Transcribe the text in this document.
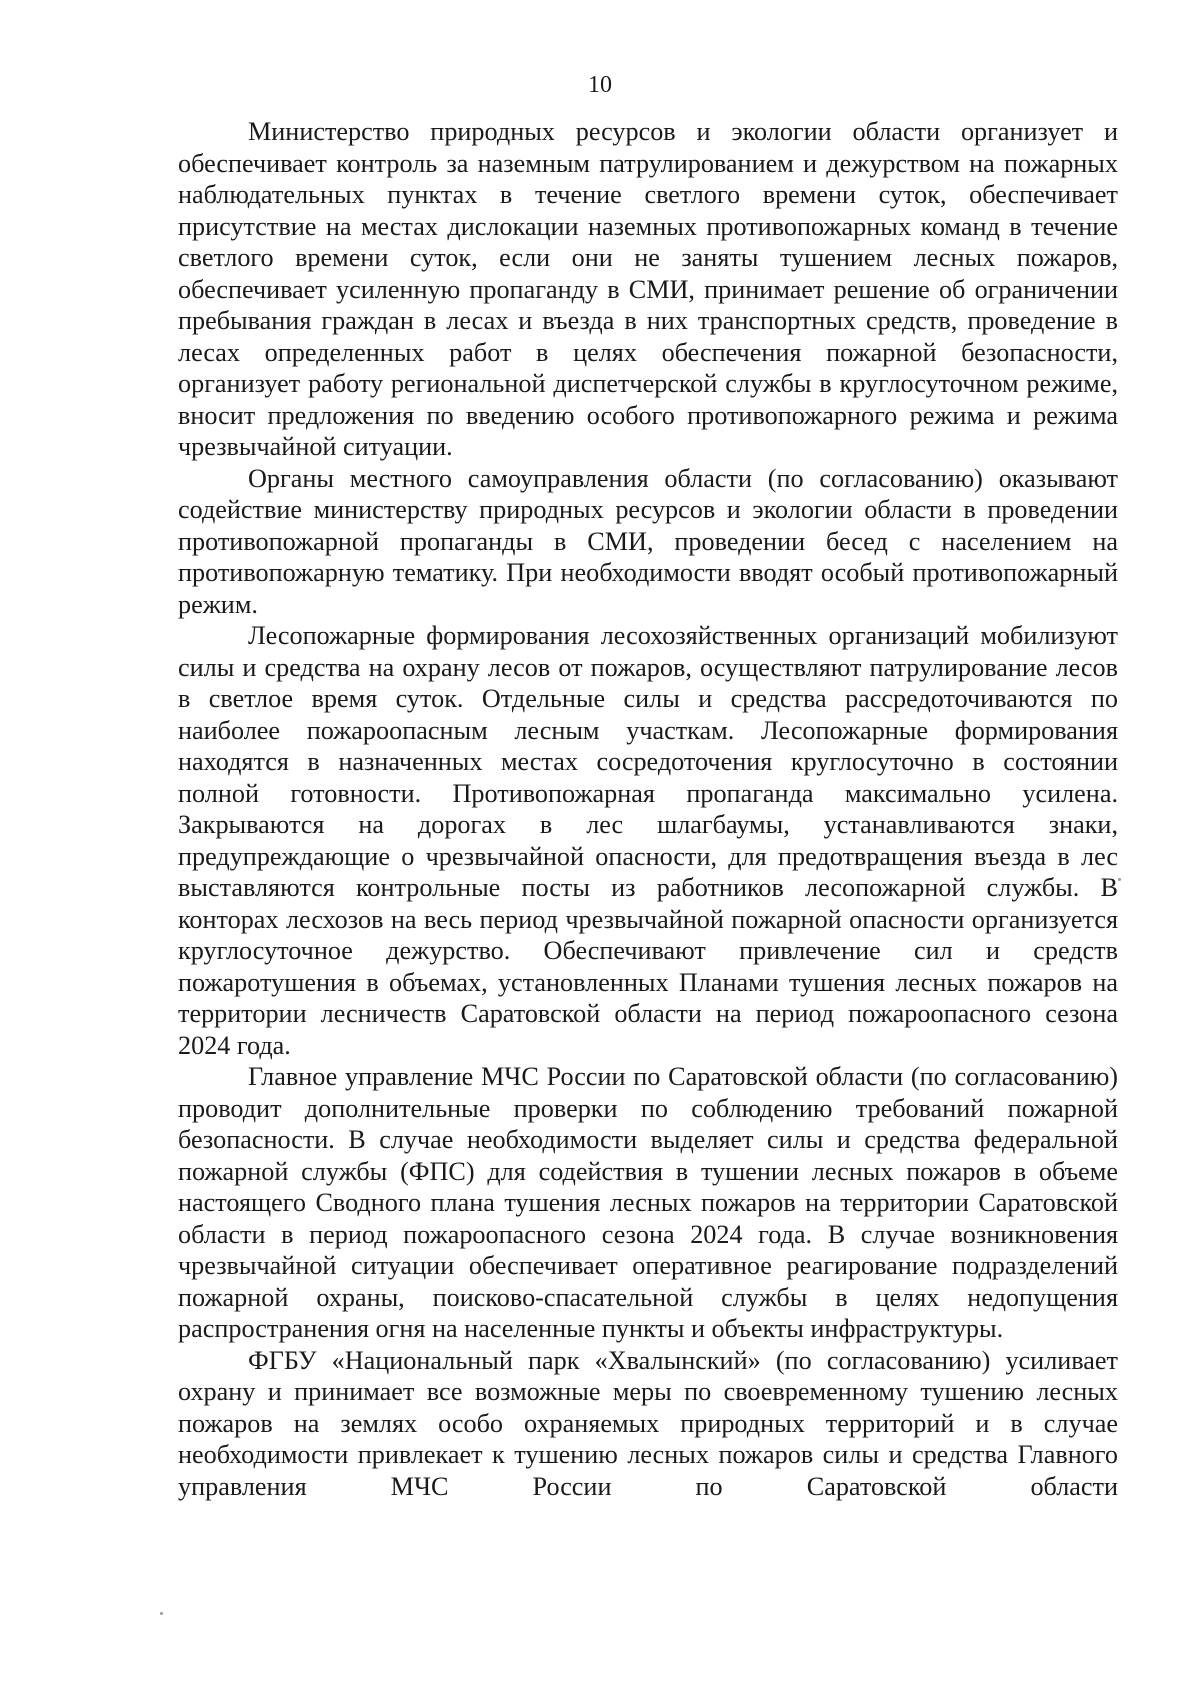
10

Министерство природных ресурсов и экологии области организует и обеспечивает контроль за наземным патрулированием и дежурством на пожарных наблюдательных пунктах в течение светлого времени суток, обеспечивает присутствие на местах дислокации наземных противопожарных команд в течение светлого времени суток, если они не заняты тушением лесных пожаров, обеспечивает усиленную пропаганду в СМИ, принимает решение об ограничении пребывания граждан в лесах и въезда в них транспортных средств, проведение в лесах определенных работ в целях обеспечения пожарной безопасности, организует работу региональной диспетчерской службы в круглосуточном режиме, вносит предложения по введению особого противопожарного режима и режима чрезвычайной ситуации.

Органы местного самоуправления области (по согласованию) оказывают содействие министерству природных ресурсов и экологии области в проведении противопожарной пропаганды в СМИ, проведении бесед с населением на противопожарную тематику. При необходимости вводят особый противопожарный режим.

Лесопожарные формирования лесохозяйственных организаций мобилизуют силы и средства на охрану лесов от пожаров, осуществляют патрулирование лесов в светлое время суток. Отдельные силы и средства рассредоточиваются по наиболее пожароопасным лесным участкам. Лесопожарные формирования находятся в назначенных местах сосредоточения круглосуточно в состоянии полной готовности. Противопожарная пропаганда максимально усилена. Закрываются на дорогах в лес шлагбаумы, устанавливаются знаки, предупреждающие о чрезвычайной опасности, для предотвращения въезда в лес выставляются контрольные посты из работников лесопожарной службы. В конторах лесхозов на весь период чрезвычайной пожарной опасности организуется круглосуточное дежурство. Обеспечивают привлечение сил и средств пожаротушения в объемах, установленных Планами тушения лесных пожаров на территории лесничеств Саратовской области на период пожароопасного сезона 2024 года.

Главное управление МЧС России по Саратовской области (по согласованию) проводит дополнительные проверки по соблюдению требований пожарной безопасности. В случае необходимости выделяет силы и средства федеральной пожарной службы (ФПС) для содействия в тушении лесных пожаров в объеме настоящего Сводного плана тушения лесных пожаров на территории Саратовской области в период пожароопасного сезона 2024 года. В случае возникновения чрезвычайной ситуации обеспечивает оперативное реагирование подразделений пожарной охраны, поисково-спасательной службы в целях недопущения распространения огня на населенные пункты и объекты инфраструктуры.

ФГБУ «Национальный парк «Хвалынский» (по согласованию) усиливает охрану и принимает все возможные меры по своевременному тушению лесных пожаров на землях особо охраняемых природных территорий и в случае необходимости привлекает к тушению лесных пожаров силы и средства Главного управления МЧС России по Саратовской области
